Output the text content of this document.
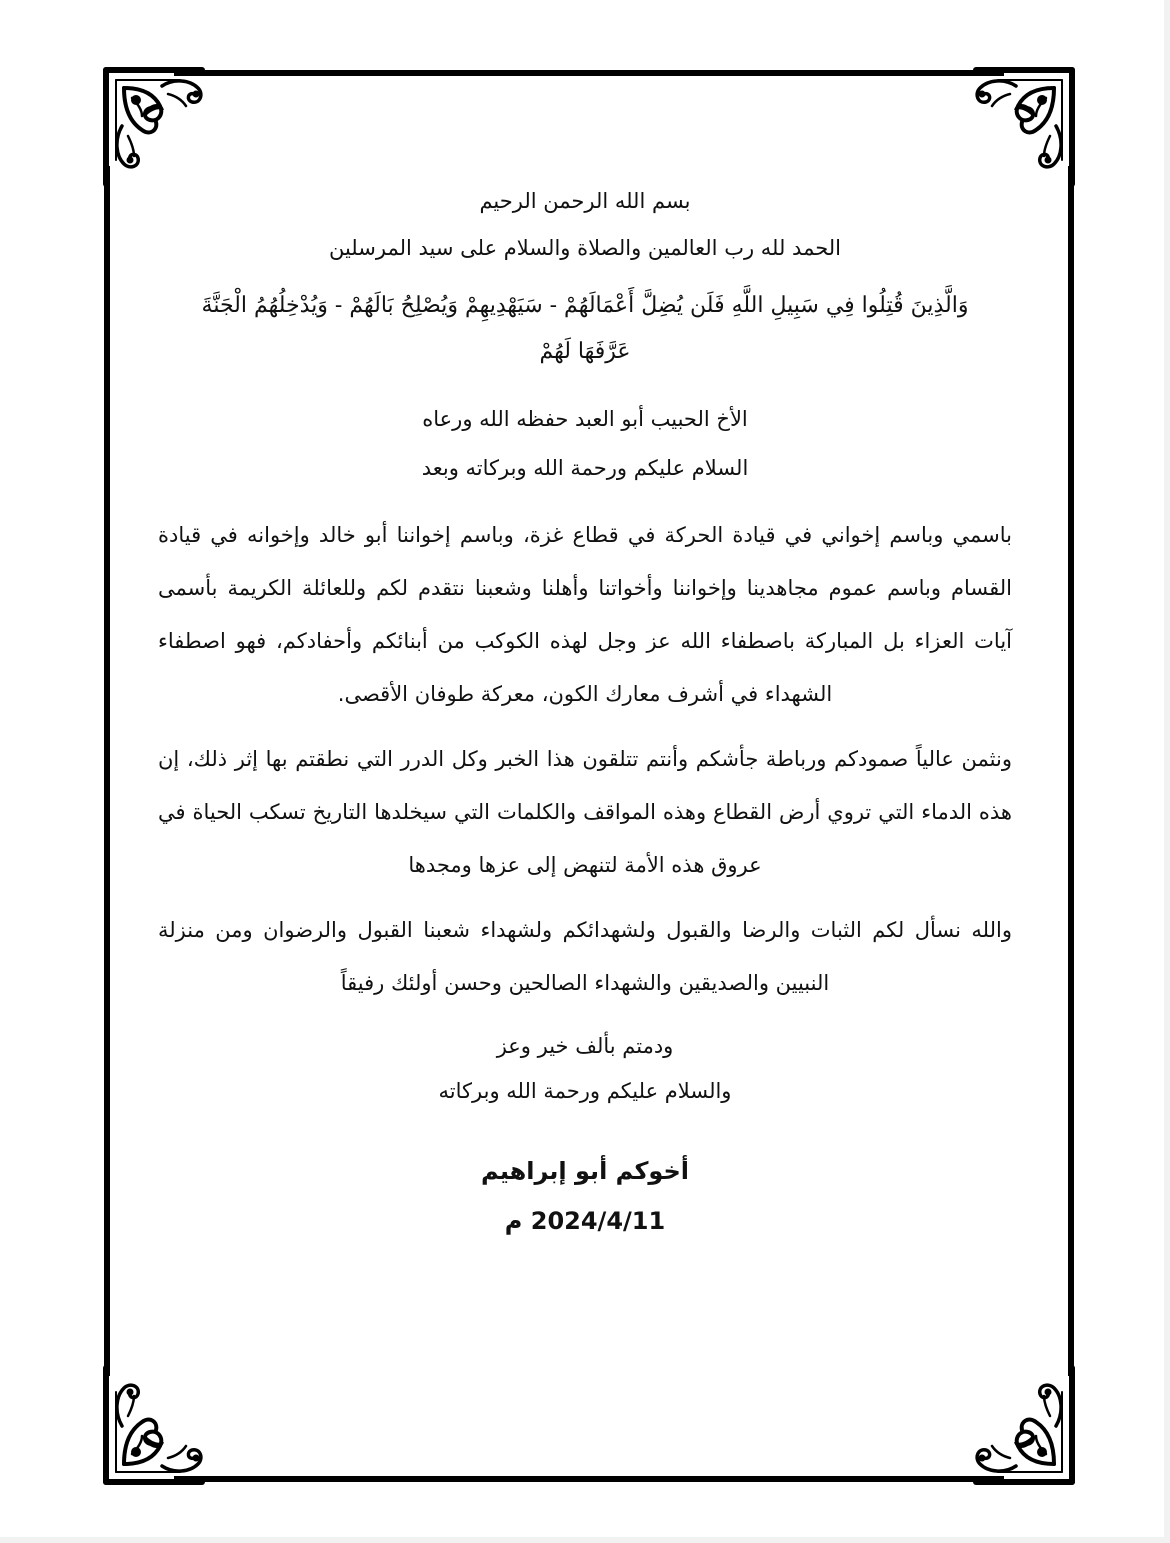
بسم الله الرحمن الرحيم
الحمد لله رب العالمين والصلاة والسلام على سيد المرسلين
وَالَّذِينَ قُتِلُوا فِي سَبِيلِ اللَّهِ فَلَن يُضِلَّ أَعْمَالَهُمْ - سَيَهْدِيهِمْ وَيُصْلِحُ بَالَهُمْ - وَيُدْخِلُهُمُ الْجَنَّةَ عَرَّفَهَا لَهُمْ
الأخ الحبيب أبو العبد حفظه الله ورعاه
السلام عليكم ورحمة الله وبركاته وبعد
باسمي وباسم إخواني في قيادة الحركة في قطاع غزة، وباسم إخواننا أبو خالد وإخوانه في قيادة القسام وباسم عموم مجاهدينا وإخواننا وأخواتنا وأهلنا وشعبنا نتقدم لكم وللعائلة الكريمة بأسمى آيات العزاء بل المباركة باصطفاء الله عز وجل لهذه الكوكب من أبنائكم وأحفادكم، فهو اصطفاء الشهداء في أشرف معارك الكون، معركة طوفان الأقصى.
ونثمن عالياً صمودكم ورباطة جأشكم وأنتم تتلقون هذا الخبر وكل الدرر التي نطقتم بها إثر ذلك، إن هذه الدماء التي تروي أرض القطاع وهذه المواقف والكلمات التي سيخلدها التاريخ تسكب الحياة في عروق هذه الأمة لتنهض إلى عزها ومجدها
والله نسأل لكم الثبات والرضا والقبول ولشهدائكم ولشهداء شعبنا القبول والرضوان ومن منزلة النبيين والصديقين والشهداء الصالحين وحسن أولئك رفيقاً
ودمتم بألف خير وعز
والسلام عليكم ورحمة الله وبركاته
أخوكم أبو إبراهيم
2024/4/11 م
